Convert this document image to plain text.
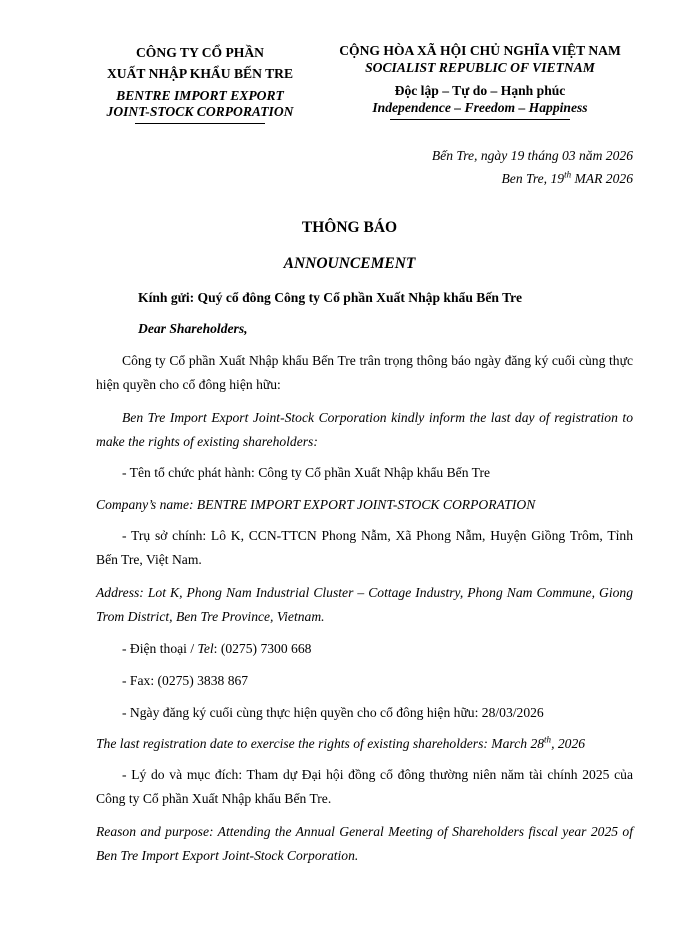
CÔNG TY CỔ PHẦN
XUẤT NHẬP KHẨU BẾN TRE
BENTRE IMPORT EXPORT
JOINT-STOCK CORPORATION
CỘNG HÒA XÃ HỘI CHỦ NGHĨA VIỆT NAM
SOCIALIST REPUBLIC OF VIETNAM
Độc lập – Tự do – Hạnh phúc
Independence – Freedom – Happiness
Bến Tre, ngày 19 tháng 03 năm 2026
Ben Tre, 19th MAR 2026
THÔNG BÁO
ANNOUNCEMENT
Kính gửi: Quý cổ đông Công ty Cổ phần Xuất Nhập khẩu Bến Tre
Dear Shareholders,
Công ty Cổ phần Xuất Nhập khẩu Bến Tre trân trọng thông báo ngày đăng ký cuối cùng thực hiện quyền cho cổ đông hiện hữu:
Ben Tre Import Export Joint-Stock Corporation kindly inform the last day of registration to make the rights of existing shareholders:
- Tên tổ chức phát hành: Công ty Cổ phần Xuất Nhập khẩu Bến Tre
Company’s name: BENTRE IMPORT EXPORT JOINT-STOCK CORPORATION
- Trụ sở chính: Lô K, CCN-TTCN Phong Nẫm, Xã Phong Nẫm, Huyện Giồng Trôm, Tỉnh Bến Tre, Việt Nam.
Address: Lot K, Phong Nam Industrial Cluster – Cottage Industry, Phong Nam Commune, Giong Trom District, Ben Tre Province, Vietnam.
- Điện thoại / Tel: (0275) 7300 668
- Fax: (0275) 3838 867
- Ngày đăng ký cuối cùng thực hiện quyền cho cổ đông hiện hữu: 28/03/2026
The last registration date to exercise the rights of existing shareholders: March 28th, 2026
- Lý do và mục đích: Tham dự Đại hội đồng cổ đông thường niên năm tài chính 2025 của Công ty Cổ phần Xuất Nhập khẩu Bến Tre.
Reason and purpose: Attending the Annual General Meeting of Shareholders fiscal year 2025 of Ben Tre Import Export Joint-Stock Corporation.
